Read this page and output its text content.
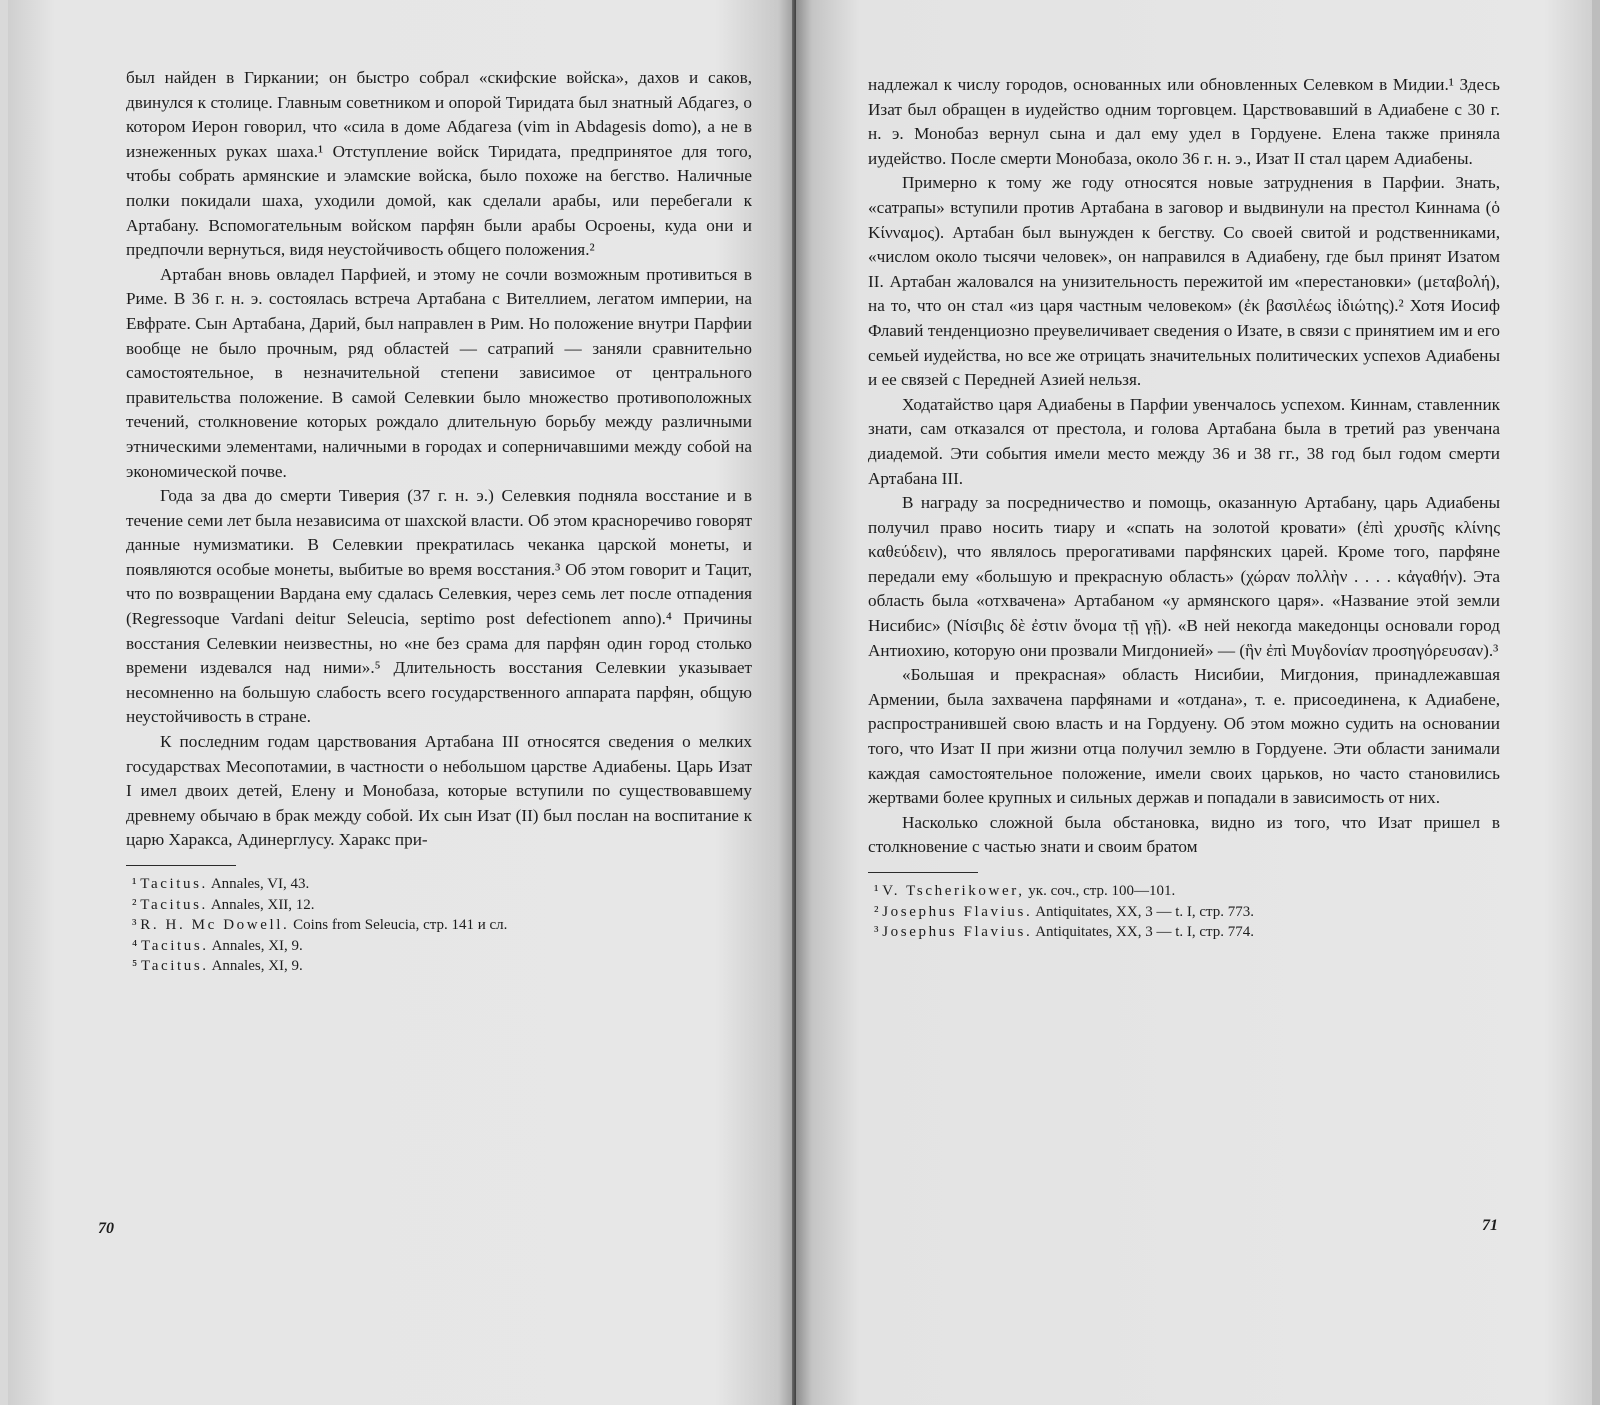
был найден в Гиркании; он быстро собрал «скифские войска», дахов и саков, двинулся к столице. Главным советником и опорой Тиридата был знатный Абдагез, о котором Иерон говорил, что «сила в доме Абдагеза (vim in Abdagesis domo), а не в изнеженных руках шаха.¹ Отступление войск Тиридата, предпринятое для того, чтобы собрать армянские и эламские войска, было похоже на бегство. Наличные полки покидали шаха, уходили домой, как сделали арабы, или перебегали к Артабану. Вспомогательным войском парфян были арабы Осроены, куда они и предпочли вернуться, видя неустойчивость общего положения.²

Артабан вновь овладел Парфией, и этому не сочли возможным противиться в Риме. В 36 г. н. э. состоялась встреча Артабана с Вителлием, легатом империи, на Евфрате. Сын Артабана, Дарий, был направлен в Рим. Но положение внутри Парфии вообще не было прочным, ряд областей — сатрапий — заняли сравнительно самостоятельное, в незначительной степени зависимое от центрального правительства положение. В самой Селевкии было множество противоположных течений, столкновение которых рождало длительную борьбу между различными этническими элементами, наличными в городах и соперничавшими между собой на экономической почве.

Года за два до смерти Тиверия (37 г. н. э.) Селевкия подняла восстание и в течение семи лет была независима от шахской власти. Об этом красноречиво говорят данные нумизматики. В Селевкии прекратилась чеканка царской монеты, и появляются особые монеты, выбитые во время восстания.³ Об этом говорит и Тацит, что по возвращении Вардана ему сдалась Селевкия, через семь лет после отпадения (Regressoque Vardani deitur Seleucia, septimo post defectionem anno).⁴ Причины восстания Селевкии неизвестны, но «не без срама для парфян один город столько времени издевался над ними».⁵ Длительность восстания Селевкии указывает несомненно на большую слабость всего государственного аппарата парфян, общую неустойчивость в стране.

К последним годам царствования Артабана III относятся сведения о мелких государствах Месопотамии, в частности о небольшом царстве Адиабены. Царь Изат I имел двоих детей, Елену и Монобаза, которые вступили по существовавшему древнему обычаю в брак между собой. Их сын Изат (II) был послан на воспитание к царю Харакса, Адинерглусу. Харакс при-

¹ Tacitus. Annales, VI, 43.

² Tacitus. Annales, XII, 12.

³ R. H. Mc Dowell. Coins from Seleucia, стр. 141 и сл.

⁴ Tacitus. Annales, XI, 9.

⁵ Tacitus. Annales, XI, 9.

70

надлежал к числу городов, основанных или обновленных Селевком в Мидии.¹ Здесь Изат был обращен в иудейство одним торговцем. Царствовавший в Адиабене с 30 г. н. э. Монобаз вернул сына и дал ему удел в Гордуене. Елена также приняла иудейство. После смерти Монобаза, около 36 г. н. э., Изат II стал царем Адиабены.

Примерно к тому же году относятся новые затруднения в Парфии. Знать, «сатрапы» вступили против Артабана в заговор и выдвинули на престол Киннама (ὁ Κίνναμος). Артабан был вынужден к бегству. Со своей свитой и родственниками, «числом около тысячи человек», он направился в Адиабену, где был принят Изатом II. Артабан жаловался на унизительность пережитой им «перестановки» (μεταβολή), на то, что он стал «из царя частным человеком» (ἐκ βασιλέως ἰδιώτης).² Хотя Иосиф Флавий тенденциозно преувеличивает сведения о Изате, в связи с принятием им и его семьей иудейства, но все же отрицать значительных политических успехов Адиабены и ее связей с Передней Азией нельзя.

Ходатайство царя Адиабены в Парфии увенчалось успехом. Киннам, ставленник знати, сам отказался от престола, и голова Артабана была в третий раз увенчана диадемой. Эти события имели место между 36 и 38 гг., 38 год был годом смерти Артабана III.

В награду за посредничество и помощь, оказанную Артабану, царь Адиабены получил право носить тиару и «спать на золотой кровати» (ἐπὶ χρυσῆς κλίνης καθεύδειν), что являлось прерогативами парфянских царей. Кроме того, парфяне передали ему «большую и прекрасную область» (χώραν πολλὴν . . . . κἀγαθήν). Эта область была «отхвачена» Артабаном «у армянского царя». «Название этой земли Нисибис» (Νίσιβις δὲ ἐστιν ὄνομα τῇ γῇ). «В ней некогда македонцы основали город Антиохию, которую они прозвали Мигдонией» — (ἣν ἐπὶ Μυγδονίαν προσηγόρευσαν).³

«Большая и прекрасная» область Нисибии, Мигдония, принадлежавшая Армении, была захвачена парфянами и «отдана», т. е. присоединена, к Адиабене, распространившей свою власть и на Гордуену. Об этом можно судить на основании того, что Изат II при жизни отца получил землю в Гордуене. Эти области занимали каждая самостоятельное положение, имели своих царьков, но часто становились жертвами более крупных и сильных держав и попадали в зависимость от них.

Насколько сложной была обстановка, видно из того, что Изат пришел в столкновение с частью знати и своим братом

¹ V. Tscherikower, ук. соч., стр. 100—101.

² Josephus Flavius. Antiquitates, XX, 3 — t. I, стр. 773.

³ Josephus Flavius. Antiquitates, XX, 3 — t. I, стр. 774.

71
